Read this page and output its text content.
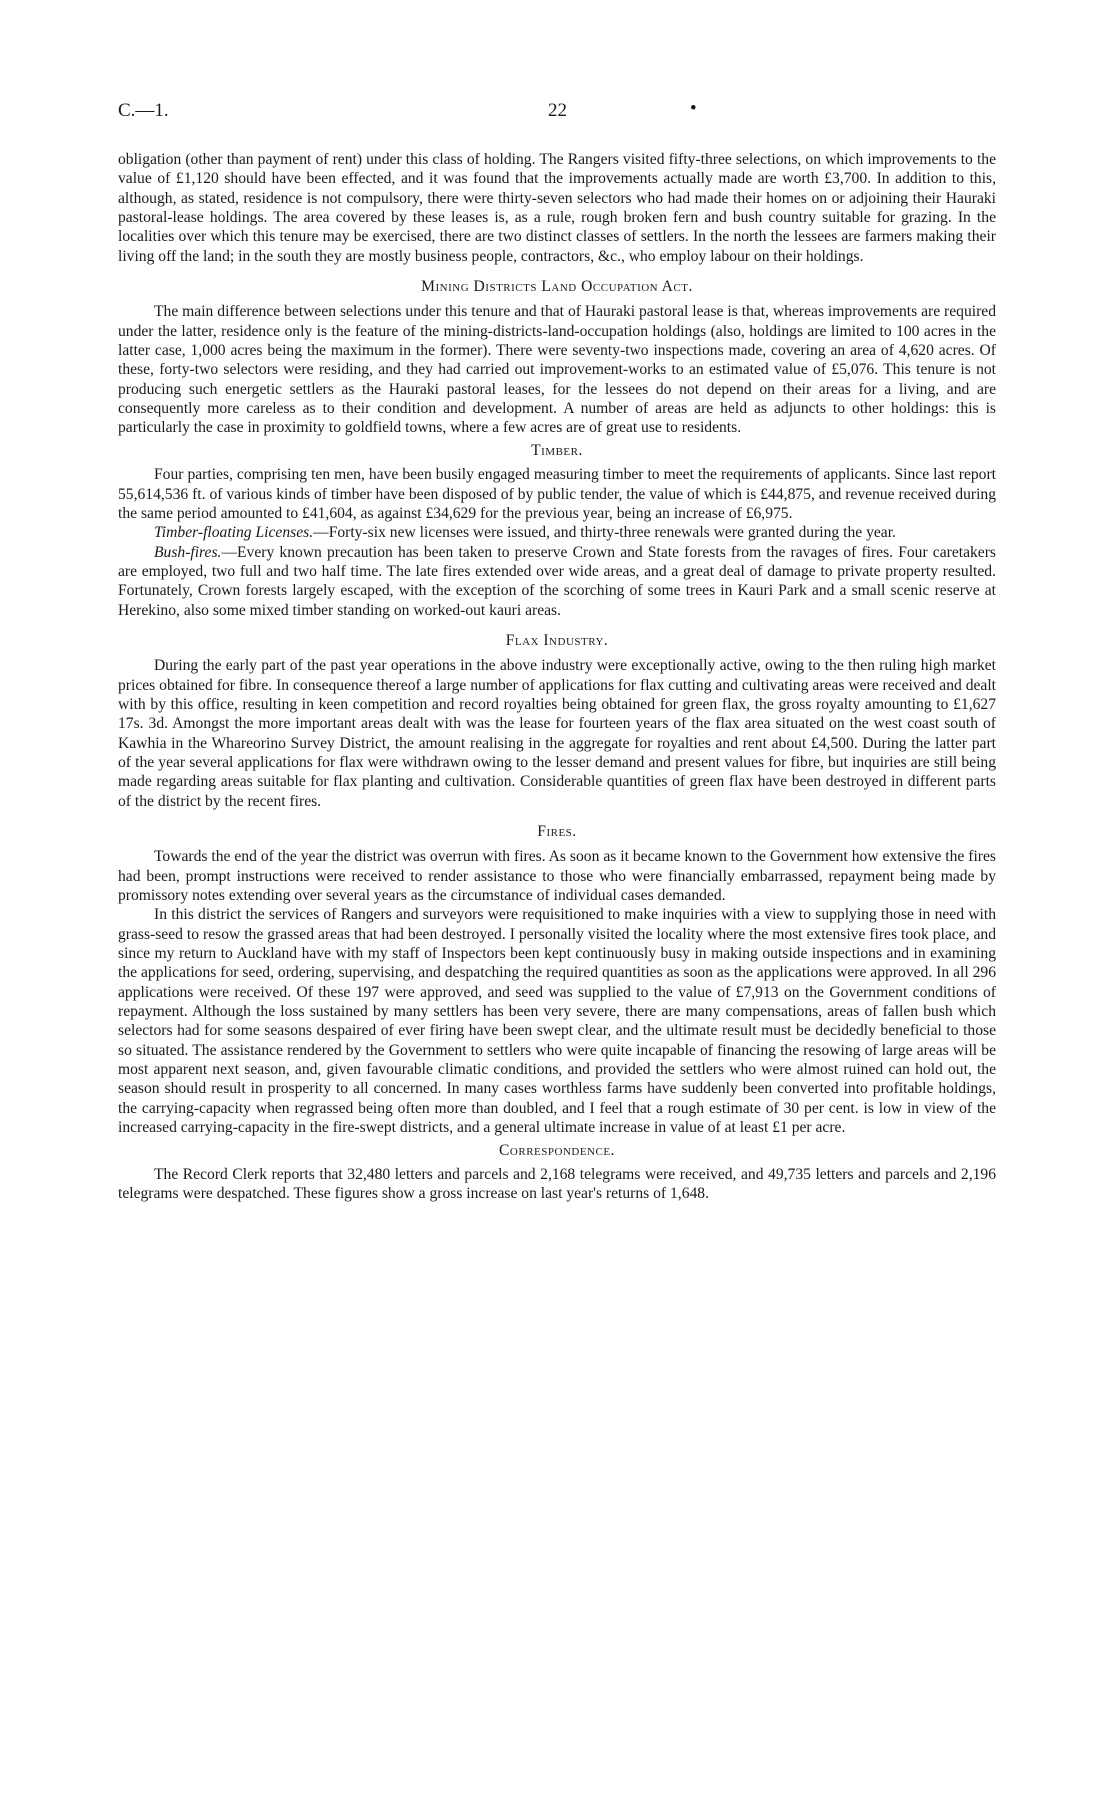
C.—1.	22	•

obligation (other than payment of rent) under this class of holding. The Rangers visited fifty-three selections, on which improvements to the value of £1,120 should have been effected, and it was found that the improvements actually made are worth £3,700. In addition to this, although, as stated, residence is not compulsory, there were thirty-seven selectors who had made their homes on or adjoining their Hauraki pastoral-lease holdings. The area covered by these leases is, as a rule, rough broken fern and bush country suitable for grazing. In the localities over which this tenure may be exercised, there are two distinct classes of settlers. In the north the lessees are farmers making their living off the land; in the south they are mostly business people, contractors, &c., who employ labour on their holdings.

Mining Districts Land Occupation Act.

The main difference between selections under this tenure and that of Hauraki pastoral lease is that, whereas improvements are required under the latter, residence only is the feature of the mining-districts-land-occupation holdings (also, holdings are limited to 100 acres in the latter case, 1,000 acres being the maximum in the former). There were seventy-two inspections made, covering an area of 4,620 acres. Of these, forty-two selectors were residing, and they had carried out improvement-works to an estimated value of £5,076. This tenure is not producing such energetic settlers as the Hauraki pastoral leases, for the lessees do not depend on their areas for a living, and are consequently more careless as to their condition and development. A number of areas are held as adjuncts to other holdings: this is particularly the case in proximity to goldfield towns, where a few acres are of great use to residents.

Timber.

Four parties, comprising ten men, have been busily engaged measuring timber to meet the requirements of applicants. Since last report 55,614,536 ft. of various kinds of timber have been disposed of by public tender, the value of which is £44,875, and revenue received during the same period amounted to £41,604, as against £34,629 for the previous year, being an increase of £6,975.

Timber-floating Licenses.—Forty-six new licenses were issued, and thirty-three renewals were granted during the year.

Bush-fires.—Every known precaution has been taken to preserve Crown and State forests from the ravages of fires. Four caretakers are employed, two full and two half time. The late fires extended over wide areas, and a great deal of damage to private property resulted. Fortunately, Crown forests largely escaped, with the exception of the scorching of some trees in Kauri Park and a small scenic reserve at Herekino, also some mixed timber standing on worked-out kauri areas.

Flax Industry.

During the early part of the past year operations in the above industry were exceptionally active, owing to the then ruling high market prices obtained for fibre. In consequence thereof a large number of applications for flax cutting and cultivating areas were received and dealt with by this office, resulting in keen competition and record royalties being obtained for green flax, the gross royalty amounting to £1,627 17s. 3d. Amongst the more important areas dealt with was the lease for fourteen years of the flax area situated on the west coast south of Kawhia in the Whareorino Survey District, the amount realising in the aggregate for royalties and rent about £4,500. During the latter part of the year several applications for flax were withdrawn owing to the lesser demand and present values for fibre, but inquiries are still being made regarding areas suitable for flax planting and cultivation. Considerable quantities of green flax have been destroyed in different parts of the district by the recent fires.

Fires.

Towards the end of the year the district was overrun with fires. As soon as it became known to the Government how extensive the fires had been, prompt instructions were received to render assistance to those who were financially embarrassed, repayment being made by promissory notes extending over several years as the circumstance of individual cases demanded.

In this district the services of Rangers and surveyors were requisitioned to make inquiries with a view to supplying those in need with grass-seed to resow the grassed areas that had been destroyed. I personally visited the locality where the most extensive fires took place, and since my return to Auckland have with my staff of Inspectors been kept continuously busy in making outside inspections and in examining the applications for seed, ordering, supervising, and despatching the required quantities as soon as the applications were approved. In all 296 applications were received. Of these 197 were approved, and seed was supplied to the value of £7,913 on the Government conditions of repayment. Although the loss sustained by many settlers has been very severe, there are many compensations, areas of fallen bush which selectors had for some seasons despaired of ever firing have been swept clear, and the ultimate result must be decidedly beneficial to those so situated. The assistance rendered by the Government to settlers who were quite incapable of financing the resowing of large areas will be most apparent next season, and, given favourable climatic conditions, and provided the settlers who were almost ruined can hold out, the season should result in prosperity to all concerned. In many cases worthless farms have suddenly been converted into profitable holdings, the carrying-capacity when regrassed being often more than doubled, and I feel that a rough estimate of 30 per cent. is low in view of the increased carrying-capacity in the fire-swept districts, and a general ultimate increase in value of at least £1 per acre.

Correspondence.

The Record Clerk reports that 32,480 letters and parcels and 2,168 telegrams were received, and 49,735 letters and parcels and 2,196 telegrams were despatched. These figures show a gross increase on last year's returns of 1,648.
